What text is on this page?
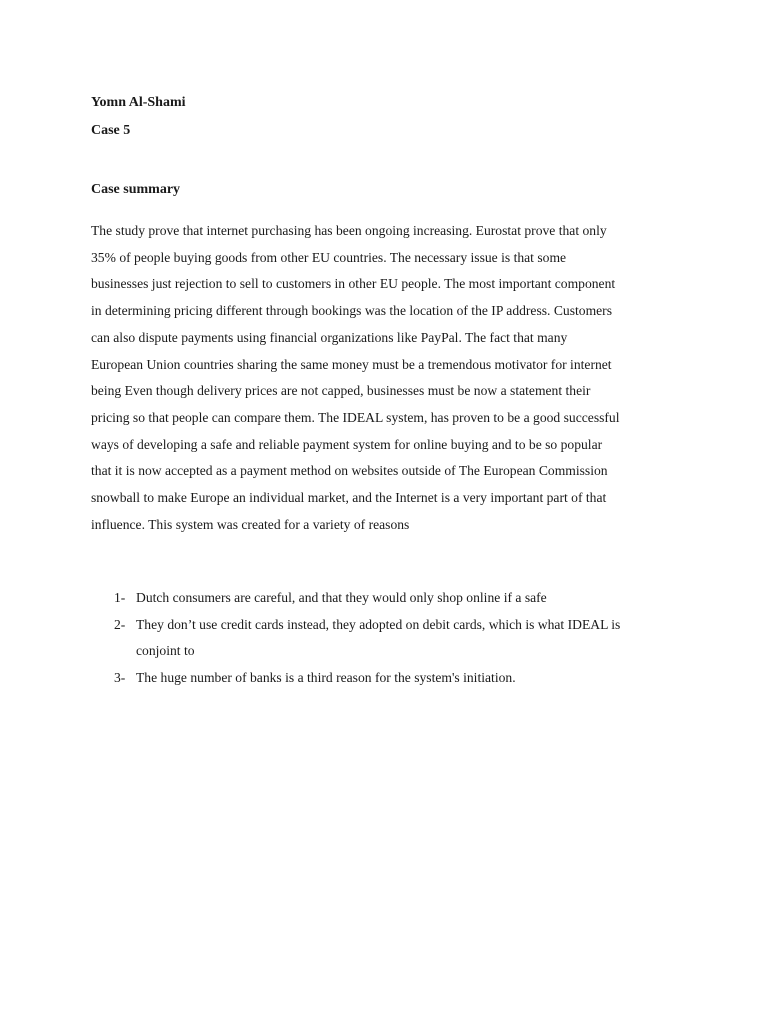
Yomn Al-Shami
Case 5
Case summary
The study prove that internet purchasing has been ongoing increasing. Eurostat prove that only
35% of people buying goods from other EU countries. The necessary issue is that some
businesses just rejection to sell to customers in other EU people. The most important component
in determining pricing different through bookings was the location of the IP address. Customers
can also dispute payments using financial organizations like PayPal. The fact that many
European Union countries sharing the same money must be a tremendous motivator for internet
being Even though delivery prices are not capped, businesses must be now a statement their
pricing so that people can compare them. The IDEAL system, has proven to be a good successful
ways of developing a safe and reliable payment system for online buying and to be so popular
that it is now accepted as a payment method on websites outside of The European Commission
snowball to make Europe an individual market, and the Internet is a very important part of that
influence. This system was created for a variety of reasons
1- Dutch consumers are careful, and that they would only shop online if a safe
2- They don’t use credit cards instead, they adopted on debit cards, which is what IDEAL is
conjoint to
3- The huge number of banks is a third reason for the system's initiation.
